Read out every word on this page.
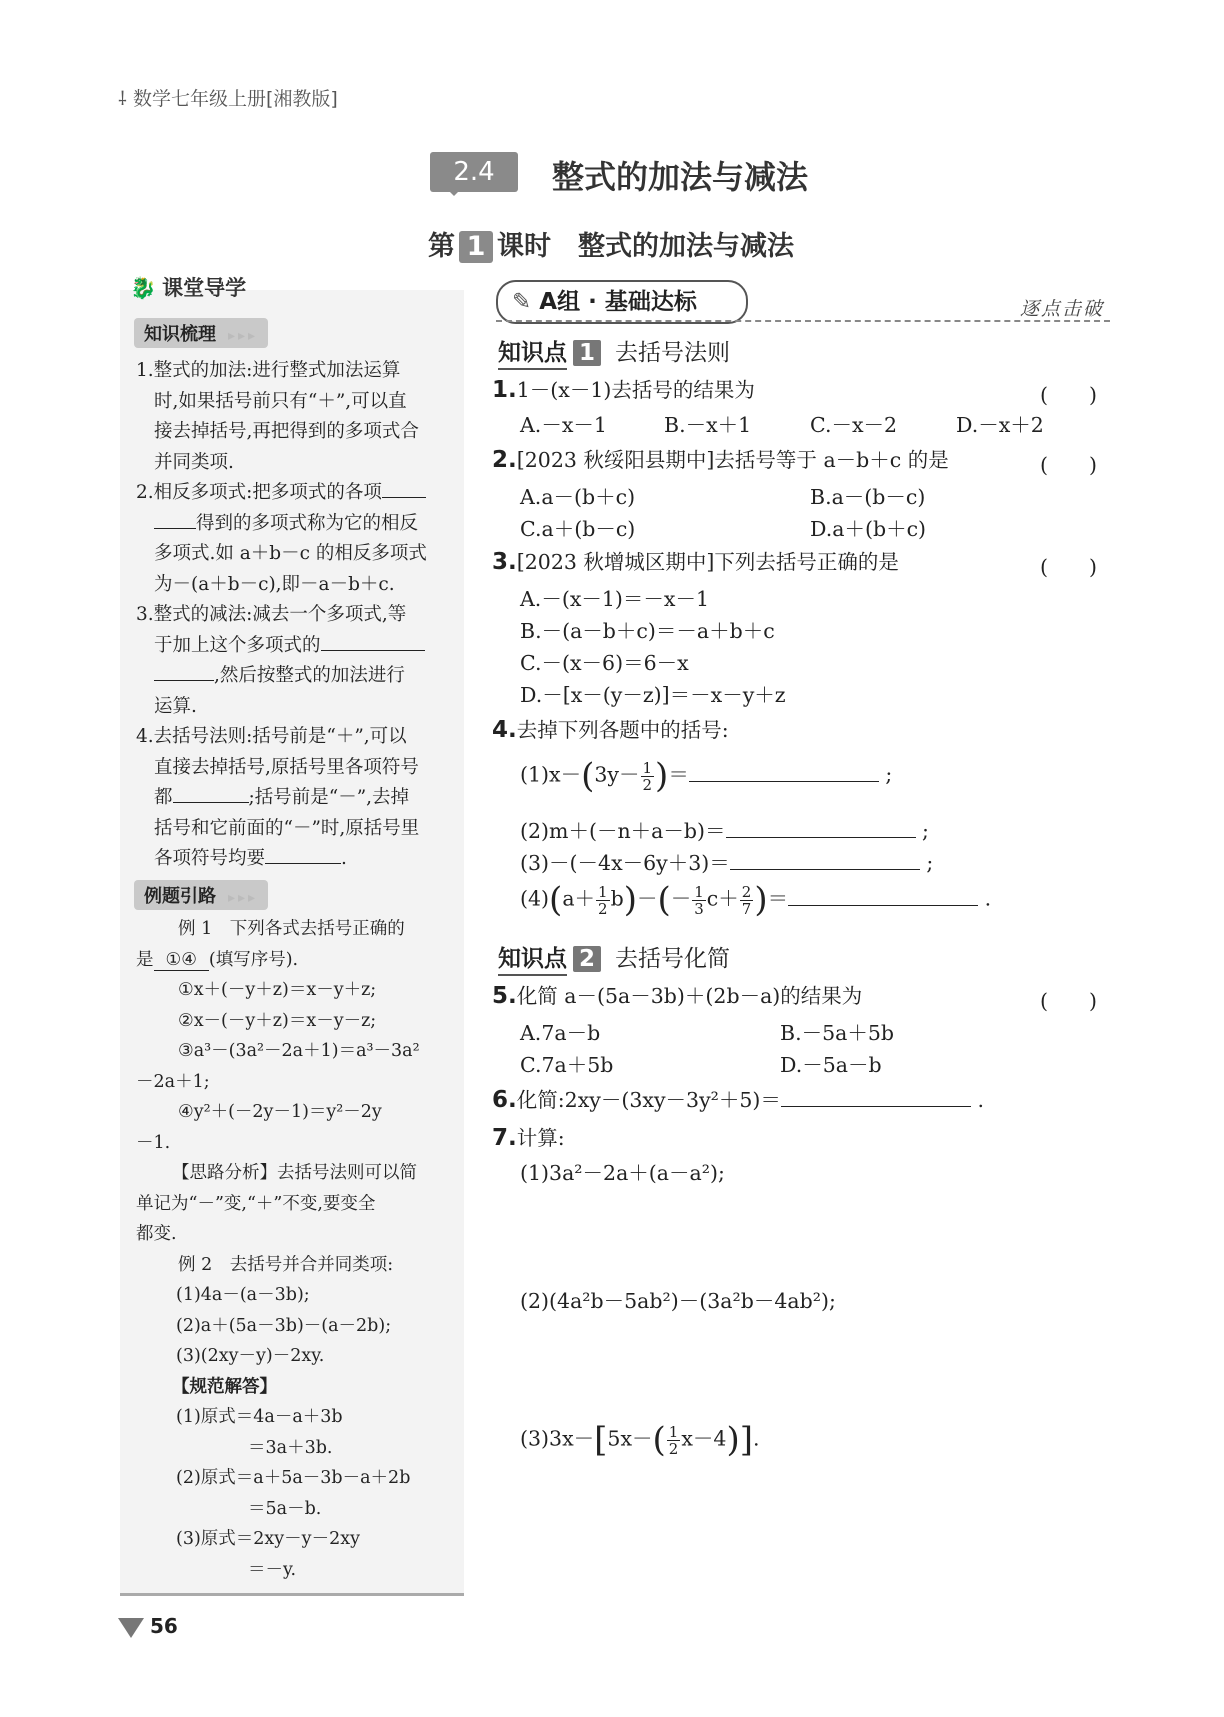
⸸ 数学七年级上册[湘教版]
2.4	整式的加法与减法
第 1 课时　整式的加法与减法
🐉 课堂导学
知识梳理 ▸▸▸
1.整式的加法:进行整式加法运算
时,如果括号前只有“＋”,可以直
接去掉括号,再把得到的多项式合
并同类项.
2.相反多项式:把多项式的各项
得到的多项式称为它的相反
多项式.如 a＋b－c 的相反多项式
为－(a＋b－c),即－a－b＋c.
3.整式的减法:减去一个多项式,等
于加上这个多项式的
,然后按整式的加法进行
运算.
4.去括号法则:括号前是“＋”,可以
直接去掉括号,原括号里各项符号
都	;括号前是“－”,去掉
括号和它前面的“－”时,原括号里
各项符号均要	.
例题引路 ▸▸▸
例 1　下列各式去括号正确的
是 ①④ (填写序号).
①x＋(－y＋z)＝x－y＋z;
②x－(－y＋z)＝x－y－z;
③a³－(3a²－2a＋1)＝a³－3a²
－2a＋1;
④y²＋(－2y－1)＝y²－2y
－1.
【思路分析】去括号法则可以简
单记为“－”变,“＋”不变,要变全
都变.
例 2　去括号并合并同类项:
(1)4a－(a－3b);
(2)a＋(5a－3b)－(a－2b);
(3)(2xy－y)－2xy.
【规范解答】
(1)原式＝4a－a＋3b
＝3a＋3b.
(2)原式＝a＋5a－3b－a＋2b
＝5a－b.
(3)原式＝2xy－y－2xy
＝－y.
✎ A组 · 基础达标	逐点击破
知识点 1 去括号法则
1.1－(x－1)去括号的结果为	(　　)
A.－x－1	B.－x＋1	C.－x－2	D.－x＋2
2.[2023 秋绥阳县期中]去括号等于 a－b＋c 的是	(　　)
A.a－(b＋c)	B.a－(b－c)
C.a＋(b－c)	D.a＋(b＋c)
3.[2023 秋增城区期中]下列去括号正确的是	(　　)
A.－(x－1)＝－x－1
B.－(a－b＋c)＝－a＋b＋c
C.－(x－6)＝6－x
D.－[x－(y－z)]＝－x－y＋z
4.去掉下列各题中的括号:
$(1)x-(3y- \frac{1}{2}$ )＝	;
(2)m＋(－n＋a－b)＝	;
(3)－(－4x－6y＋3)＝	;
$(4)(a+ \frac{1}{2} b)-(- \frac{1}{3} c+ \frac{2}{7}$ )＝	.
知识点 2 去括号化简
5.化简 a－(5a－3b)＋(2b－a)的结果为	(　　)
A.7a－b	B.－5a＋5b
C.7a＋5b	D.－5a－b
6.化简:2xy－(3xy－3y²＋5)＝	.
7.计算:
(1)3a²－2a＋(a－a²);
(2)(4a²b－5ab²)－(3a²b－4ab²);
$(3)3x-[5x-( \frac{1}{2} x-4)]$.
56
